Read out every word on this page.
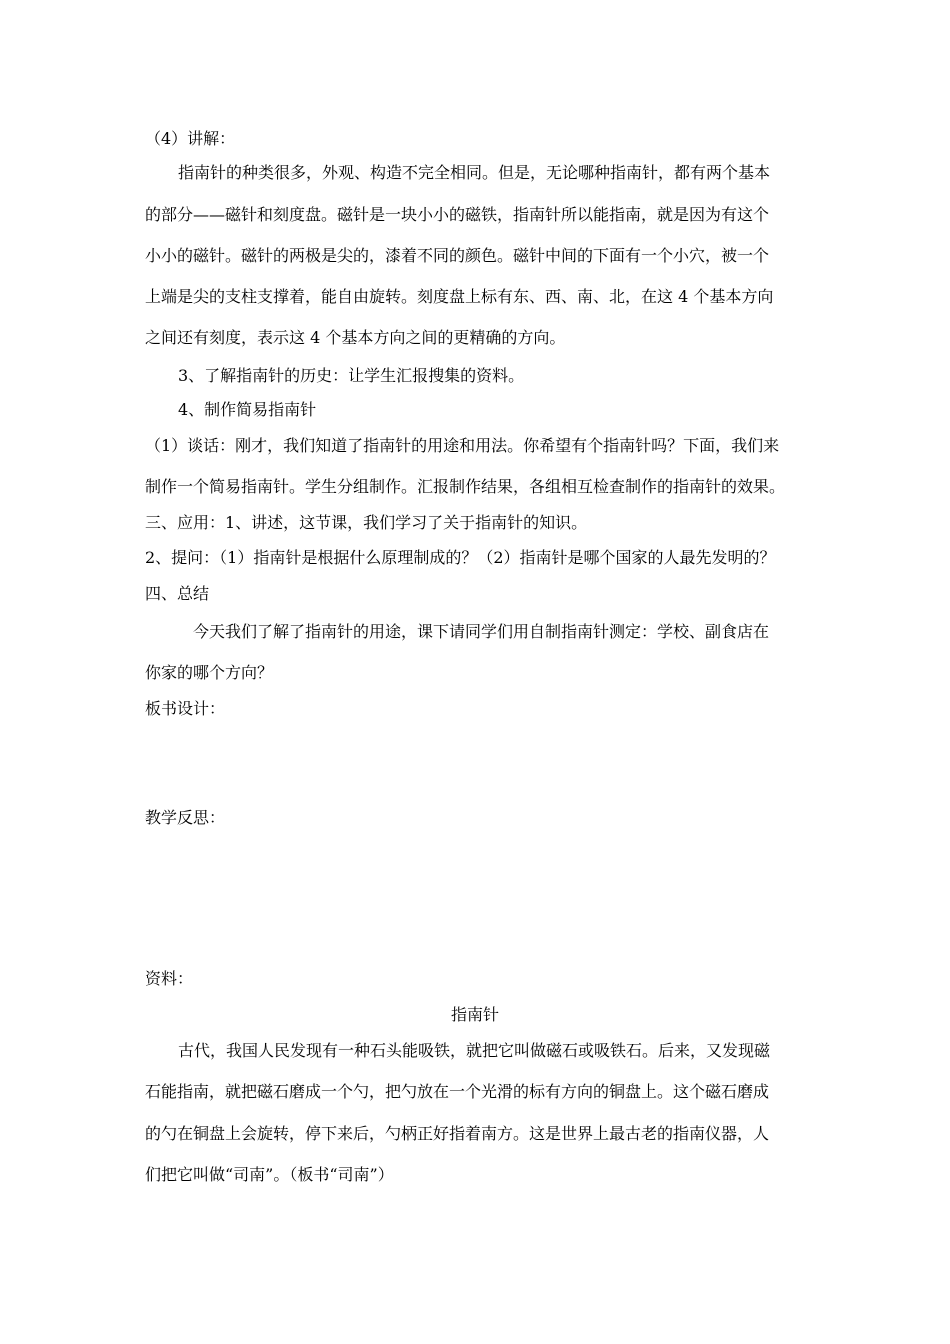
（4）讲解：
指南针的种类很多，外观、构造不完全相同。但是，无论哪种指南针，都有两个基本
的部分——磁针和刻度盘。磁针是一块小小的磁铁，指南针所以能指南，就是因为有这个
小小的磁针。磁针的两极是尖的，漆着不同的颜色。磁针中间的下面有一个小穴，被一个
上端是尖的支柱支撑着，能自由旋转。刻度盘上标有东、西、南、北，在这 4 个基本方向
之间还有刻度，表示这 4 个基本方向之间的更精确的方向。
3、了解指南针的历史：让学生汇报搜集的资料。
4、制作简易指南针
（1）谈话：刚才，我们知道了指南针的用途和用法。你希望有个指南针吗？下面，我们来
制作一个简易指南针。学生分组制作。汇报制作结果，各组相互检查制作的指南针的效果。
三、应用：1、讲述，这节课，我们学习了关于指南针的知识。
2、提问：（1）指南针是根据什么原理制成的？（2）指南针是哪个国家的人最先发明的？
四、总结
今天我们了解了指南针的用途，课下请同学们用自制指南针测定：学校、副食店在
你家的哪个方向？
板书设计：
教学反思：
资料：
指南针
古代，我国人民发现有一种石头能吸铁，就把它叫做磁石或吸铁石。后来，又发现磁
石能指南，就把磁石磨成一个勺，把勺放在一个光滑的标有方向的铜盘上。这个磁石磨成
的勺在铜盘上会旋转，停下来后，勺柄正好指着南方。这是世界上最古老的指南仪器，人
们把它叫做“司南”。（板书“司南”）
